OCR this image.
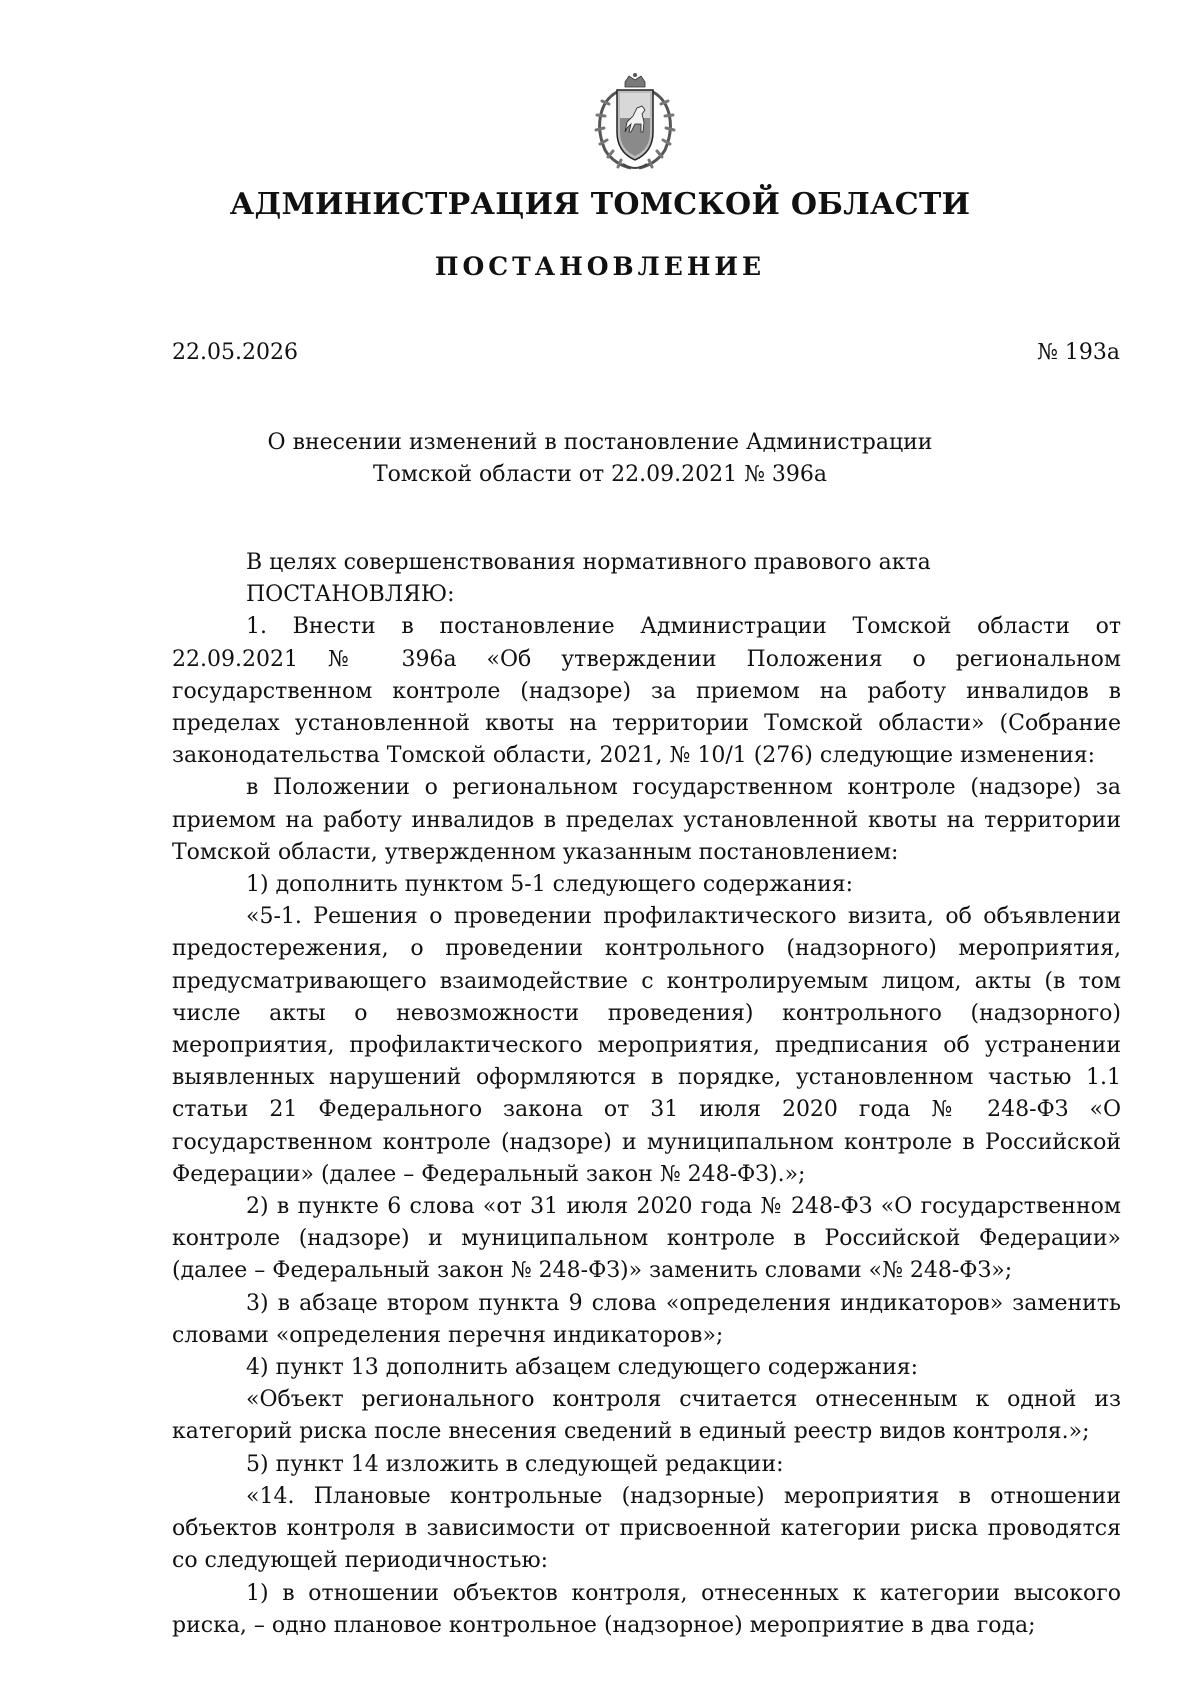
АДМИНИСТРАЦИЯ ТОМСКОЙ ОБЛАСТИ
ПОСТАНОВЛЕНИЕ
22.05.2026	№ 193а
О внесении изменений в постановление Администрации
Томской области от 22.09.2021 № 396а

В целях совершенствования нормативного правового акта

ПОСТАНОВЛЯЮ:

1. Внести в постановление Администрации Томской области от 22.09.2021 № 396а «Об утверждении Положения о региональном государственном контроле (надзоре) за приемом на работу инвалидов в пределах установленной квоты на территории Томской области» (Собрание законодательства Томской области, 2021, № 10/1 (276) следующие изменения:

в Положении о региональном государственном контроле (надзоре) за приемом на работу инвалидов в пределах установленной квоты на территории Томской области, утвержденном указанным постановлением:

1) дополнить пунктом 5-1 следующего содержания:

«5-1. Решения о проведении профилактического визита, об объявлении предостережения, о проведении контрольного (надзорного) мероприятия, предусматривающего взаимодействие с контролируемым лицом, акты (в том числе акты о невозможности проведения) контрольного (надзорного) мероприятия, профилактического мероприятия, предписания об устранении выявленных нарушений оформляются в порядке, установленном частью 1.1 статьи 21 Федерального закона от 31 июля 2020 года № 248-ФЗ «О государственном контроле (надзоре) и муниципальном контроле в Российской Федерации» (далее – Федеральный закон № 248-ФЗ).»;

2) в пункте 6 слова «от 31 июля 2020 года № 248-ФЗ «О государственном контроле (надзоре) и муниципальном контроле в Российской Федерации» (далее – Федеральный закон № 248-ФЗ)» заменить словами «№ 248-ФЗ»;

3) в абзаце втором пункта 9 слова «определения индикаторов» заменить словами «определения перечня индикаторов»;

4) пункт 13 дополнить абзацем следующего содержания:

«Объект регионального контроля считается отнесенным к одной из категорий риска после внесения сведений в единый реестр видов контроля.»;

5) пункт 14 изложить в следующей редакции:

«14. Плановые контрольные (надзорные) мероприятия в отношении объектов контроля в зависимости от присвоенной категории риска проводятся со следующей периодичностью:

1) в отношении объектов контроля, отнесенных к категории высокого риска, – одно плановое контрольное (надзорное) мероприятие в два года;
